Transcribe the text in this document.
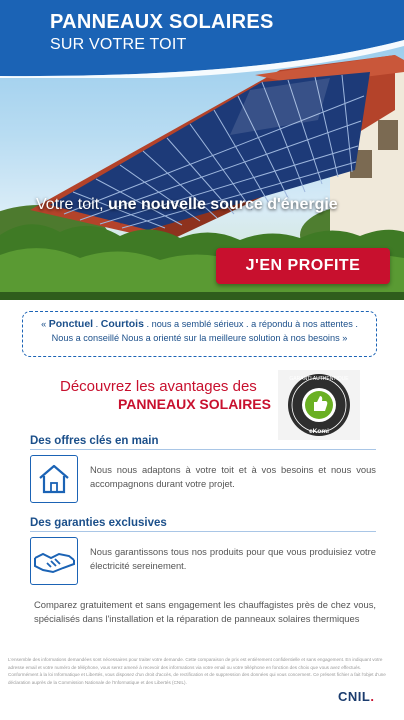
PANNEAUX SOLAIRES
SUR VOTRE TOIT
Votre toit, une nouvelle source d'énergie
J'EN PROFITE
« Ponctuel . Courtois . nous a semblé sérieux . a répondu à nos attentes .
Nous a conseillé Nous a orienté sur la meilleure solution à nos besoins »
Découvrez les avantages des
PANNEAUX SOLAIRES
GARANTI AUTHENTIQUE
eKomi
Des offres clés en main
Nous nous adaptons à votre toit et à vos besoins et nous vous accompagnons durant votre projet.
Des garanties exclusives
Nous garantissons tous nos produits pour que vous produisiez votre électricité sereinement.
Comparez gratuitement et sans engagement les chauffagistes près de chez vous, spécialisés dans l'installation et la réparation de panneaux solaires thermiques
L'ensemble des informations demandées sont nécessaires pour traiter votre demande. Cette comparaison de prix est entièrement confidentielle et sans engagement. En indiquant votre adresse email et votre numéro de téléphone, vous serez amené à recevoir des informations via votre email ou votre téléphone en fonction des choix que vous avez effectués. Conformément à la loi Informatique et Libertés, vous disposez d'un droit d'accès, de rectification et de suppression des données qui vous concernent. Ce présent fichier a fait l'objet d'une déclaration auprès de la Commission Nationale de l'Informatique et des Libertés (CNIL).
CNIL.
